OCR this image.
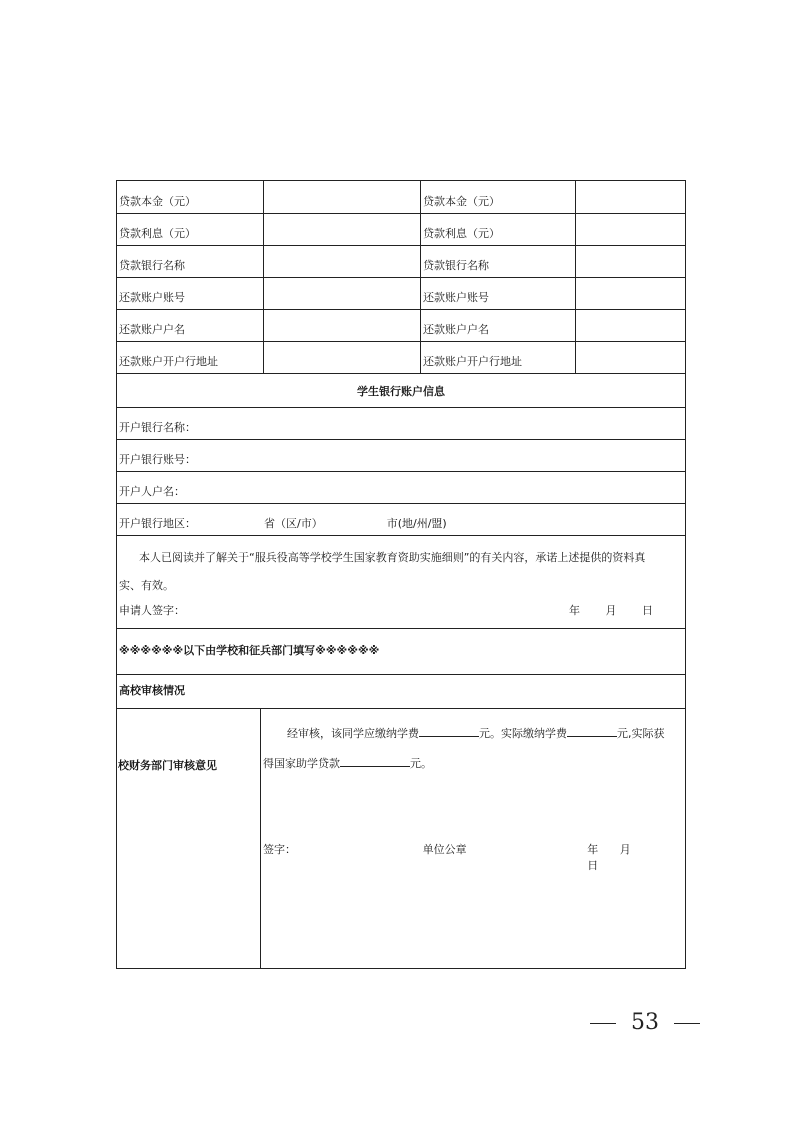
贷款本金（元）	贷款本金（元）
贷款利息（元）	贷款利息（元）
贷款银行名称	贷款银行名称
还款账户账号	还款账户账号
还款账户户名	还款账户户名
还款账户开户行地址	还款账户开户行地址
学生银行账户信息
开户银行名称：
开户银行账号：
开户人户名：
开户银行地区：	省（区/市）	市(地/州/盟)

本人已阅读并了解关于“服兵役高等学校学生国家教育资助实施细则”的有关内容，承诺上述提供的资料真

实、有效。

申请人签字：	年 月 日
※※※※※※以下由学校和征兵部门填写※※※※※※
高校审核情况
校财务部门审核意见
经审核，该同学应缴纳学费	元。实际缴纳学费	元,实际获
得国家助学贷款	元。
签字：	单位公章	年 月 日
53
